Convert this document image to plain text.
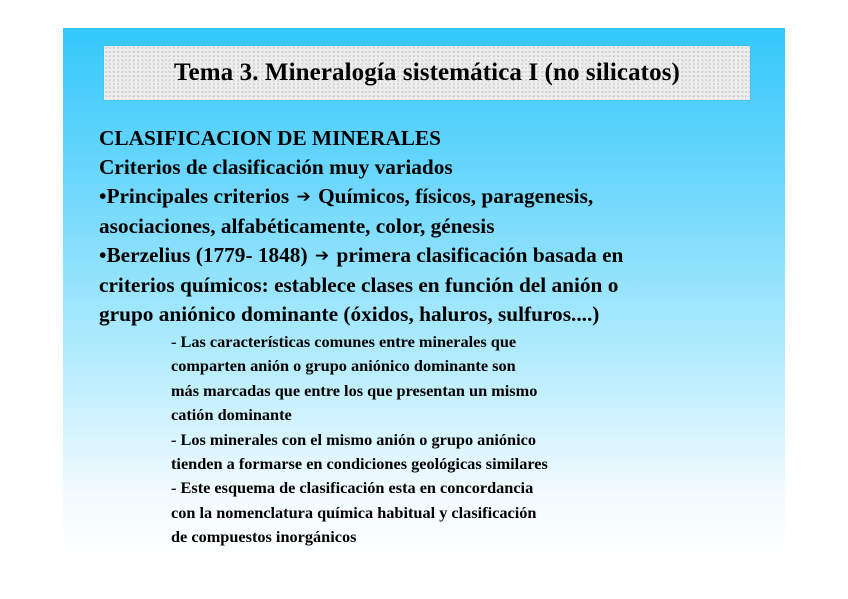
Tema 3. Mineralogía sistemática I (no silicatos)

CLASIFICACION DE MINERALES

Criterios de clasificación muy variados

•Principales criterios ➔ Químicos, físicos, paragenesis,

asociaciones, alfabéticamente, color, génesis

•Berzelius (1779- 1848) ➔ primera clasificación basada en

criterios químicos: establece clases en función del anión o

grupo aniónico dominante (óxidos, haluros, sulfuros....)

- Las características comunes entre minerales que

comparten anión o grupo aniónico dominante son

más marcadas que entre los que presentan un mismo

catión dominante

- Los minerales con el mismo anión o grupo aniónico

tienden a formarse en condiciones geológicas similares

- Este esquema de clasificación esta en concordancia

con la nomenclatura química habitual y clasificación

de compuestos inorgánicos
